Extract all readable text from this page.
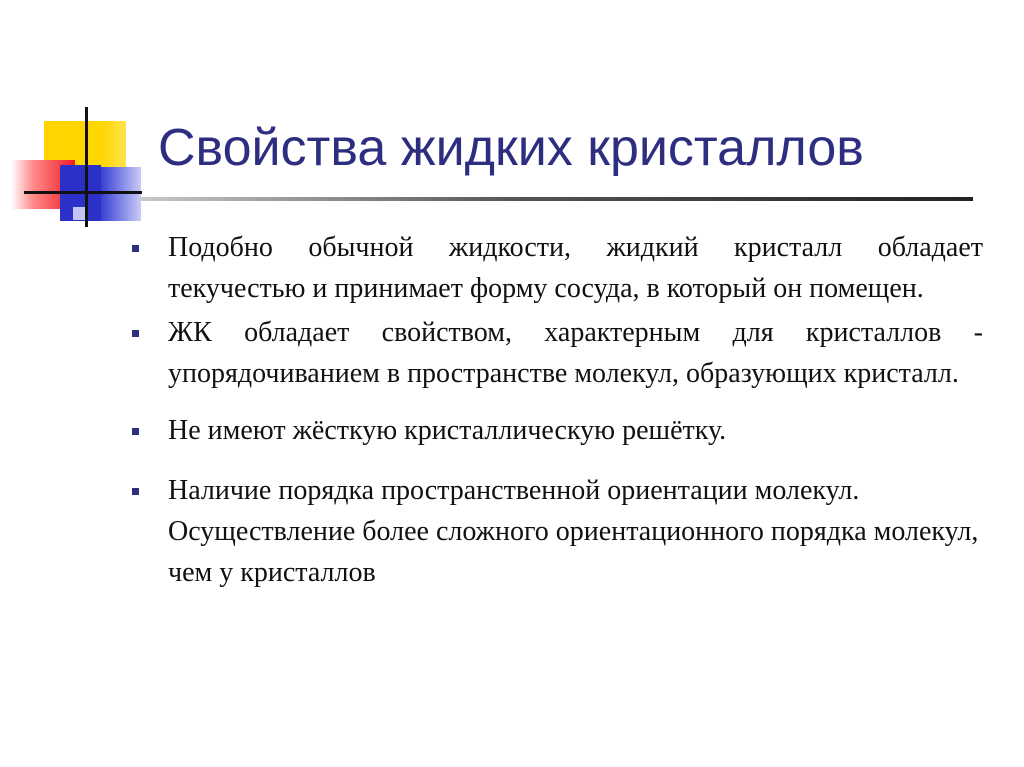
Свойства жидких кристаллов
Подобно обычной жидкости, жидкий кристалл обладает текучестью и принимает форму сосуда, в который он помещен.
ЖК обладает свойством, характерным для кристаллов - упорядочиванием в пространстве молекул, образующих кристалл.
Не имеют жёсткую кристаллическую решётку.
Наличие порядка пространственной ориентации молекул. Осуществление более сложного ориентационного порядка молекул, чем у кристаллов
